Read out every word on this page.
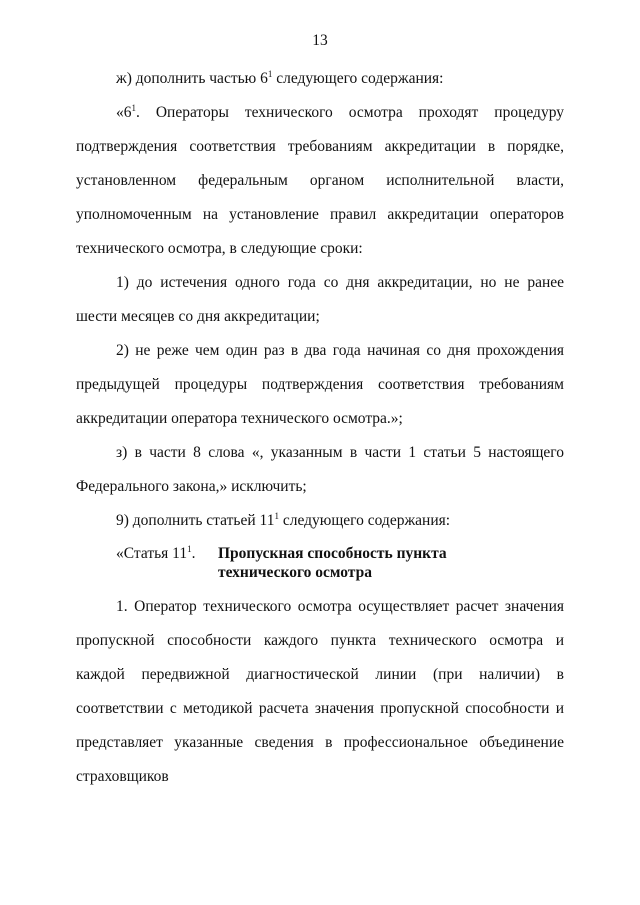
13

ж) дополнить частью $6^1$ следующего содержания:

«$6^1$. Операторы технического осмотра проходят процедуру подтверждения соответствия требованиям аккредитации в порядке, установленном федеральным органом исполнительной власти, уполномоченным на установление правил аккредитации операторов технического осмотра, в следующие сроки:

1) до истечения одного года со дня аккредитации, но не ранее шести месяцев со дня аккредитации;

2) не реже чем один раз в два года начиная со дня прохождения предыдущей процедуры подтверждения соответствия требованиям аккредитации оператора технического осмотра.»;

з) в части 8 слова «, указанным в части 1 статьи 5 настоящего Федерального закона,» исключить;

9) дополнить статьей $11^1$ следующего содержания:

«Статья $11^1$.	Пропускная способность пункта технического осмотра

1. Оператор технического осмотра осуществляет расчет значения пропускной способности каждого пункта технического осмотра и каждой передвижной диагностической линии (при наличии) в соответствии с методикой расчета значения пропускной способности и представляет указанные сведения в профессиональное объединение страховщиков
